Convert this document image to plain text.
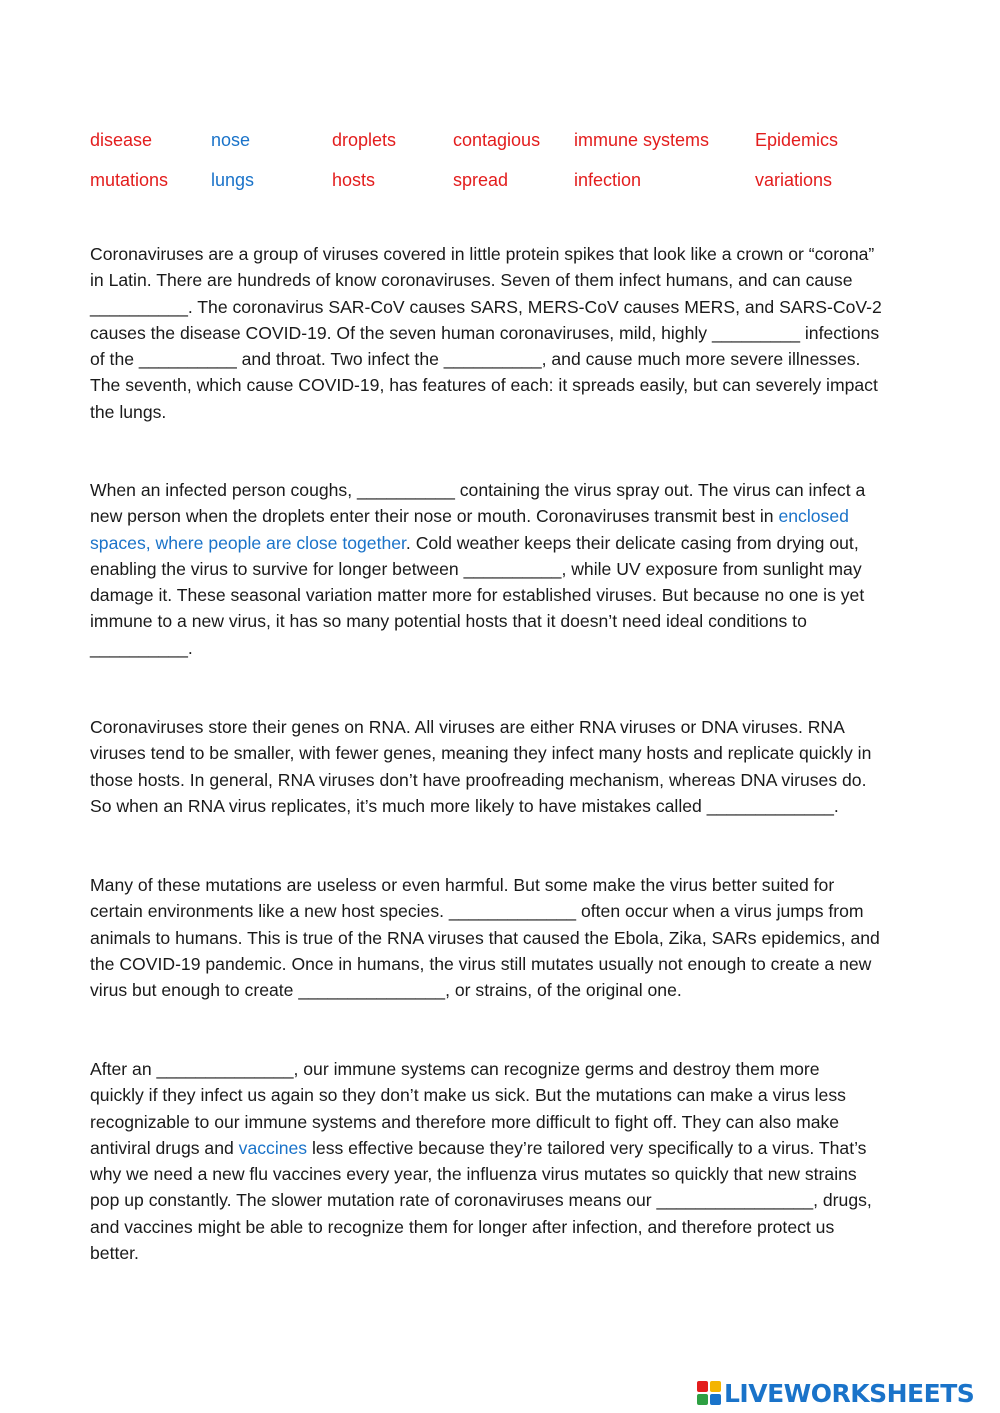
disease	nose	droplets	contagious	immune systems	Epidemics
mutations	lungs	hosts	spread	infection	variations
Coronaviruses are a group of viruses covered in little protein spikes that look like a crown or “corona”
in Latin. There are hundreds of know coronaviruses. Seven of them infect humans, and can cause
__________. The coronavirus SAR-CoV causes SARS, MERS-CoV causes MERS, and SARS-CoV-2
causes the disease COVID-19. Of the seven human coronaviruses, mild, highly _________ infections
of the __________ and throat. Two infect the __________, and cause much more severe illnesses.
The seventh, which cause COVID-19, has features of each: it spreads easily, but can severely impact
the lungs.
When an infected person coughs, __________ containing the virus spray out. The virus can infect a
new person when the droplets enter their nose or mouth. Coronaviruses transmit best in enclosed
spaces, where people are close together. Cold weather keeps their delicate casing from drying out,
enabling the virus to survive for longer between __________, while UV exposure from sunlight may
damage it. These seasonal variation matter more for established viruses. But because no one is yet
immune to a new virus, it has so many potential hosts that it doesn’t need ideal conditions to
__________.
Coronaviruses store their genes on RNA. All viruses are either RNA viruses or DNA viruses. RNA
viruses tend to be smaller, with fewer genes, meaning they infect many hosts and replicate quickly in
those hosts. In general, RNA viruses don’t have proofreading mechanism, whereas DNA viruses do.
So when an RNA virus replicates, it’s much more likely to have mistakes called _____________.
Many of these mutations are useless or even harmful. But some make the virus better suited for
certain environments like a new host species. _____________ often occur when a virus jumps from
animals to humans. This is true of the RNA viruses that caused the Ebola, Zika, SARs epidemics, and
the COVID-19 pandemic. Once in humans, the virus still mutates usually not enough to create a new
virus but enough to create _______________, or strains, of the original one.
After an ______________, our immune systems can recognize germs and destroy them more
quickly if they infect us again so they don’t make us sick. But the mutations can make a virus less
recognizable to our immune systems and therefore more difficult to fight off. They can also make
antiviral drugs and vaccines less effective because they’re tailored very specifically to a virus. That’s
why we need a new flu vaccines every year, the influenza virus mutates so quickly that new strains
pop up constantly. The slower mutation rate of coronaviruses means our ________________, drugs,
and vaccines might be able to recognize them for longer after infection, and therefore protect us
better.
LIVEWORKSHEETS
